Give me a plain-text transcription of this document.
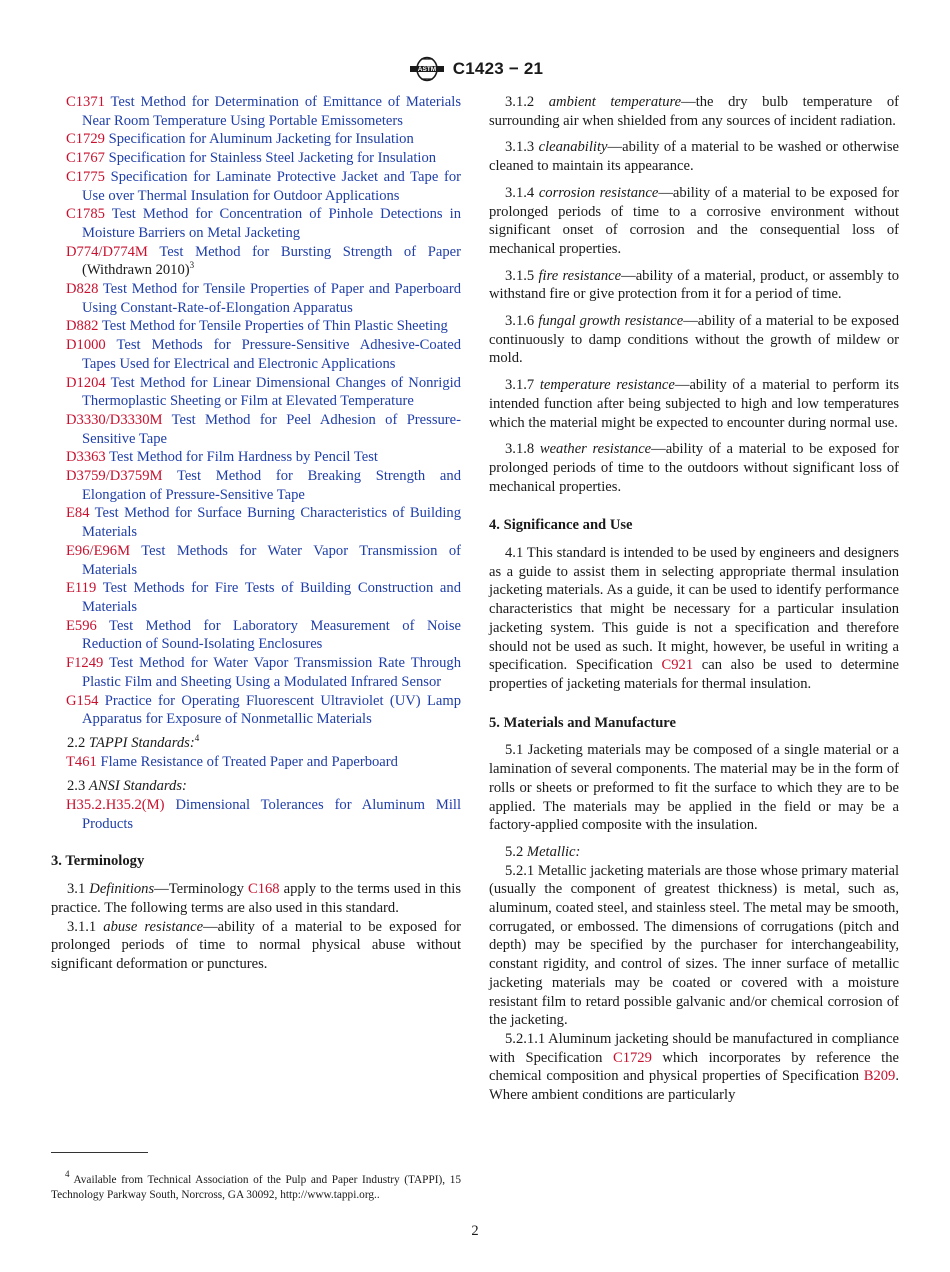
ASTM C1423 − 21

C1371 Test Method for Determination of Emittance of Materials Near Room Temperature Using Portable Emissometers

C1729 Specification for Aluminum Jacketing for Insulation

C1767 Specification for Stainless Steel Jacketing for Insulation

C1775 Specification for Laminate Protective Jacket and Tape for Use over Thermal Insulation for Outdoor Applications

C1785 Test Method for Concentration of Pinhole Detections in Moisture Barriers on Metal Jacketing

D774/D774M Test Method for Bursting Strength of Paper (Withdrawn 2010)$^3$

D828 Test Method for Tensile Properties of Paper and Paperboard Using Constant-Rate-of-Elongation Apparatus

D882 Test Method for Tensile Properties of Thin Plastic Sheeting

D1000 Test Methods for Pressure-Sensitive Adhesive-Coated Tapes Used for Electrical and Electronic Applications

D1204 Test Method for Linear Dimensional Changes of Nonrigid Thermoplastic Sheeting or Film at Elevated Temperature

D3330/D3330M Test Method for Peel Adhesion of Pressure-Sensitive Tape

D3363 Test Method for Film Hardness by Pencil Test

D3759/D3759M Test Method for Breaking Strength and Elongation of Pressure-Sensitive Tape

E84 Test Method for Surface Burning Characteristics of Building Materials

E96/E96M Test Methods for Water Vapor Transmission of Materials

E119 Test Methods for Fire Tests of Building Construction and Materials

E596 Test Method for Laboratory Measurement of Noise Reduction of Sound-Isolating Enclosures

F1249 Test Method for Water Vapor Transmission Rate Through Plastic Film and Sheeting Using a Modulated Infrared Sensor

G154 Practice for Operating Fluorescent Ultraviolet (UV) Lamp Apparatus for Exposure of Nonmetallic Materials

2.2 TAPPI Standards:$^4$

T461 Flame Resistance of Treated Paper and Paperboard

2.3 ANSI Standards:

H35.2.H35.2(M) Dimensional Tolerances for Aluminum Mill Products

3. Terminology

3.1 Definitions—Terminology C168 apply to the terms used in this practice. The following terms are also used in this standard.

3.1.1 abuse resistance—ability of a material to be exposed for prolonged periods of time to normal physical abuse without significant deformation or punctures.

$^4$ Available from Technical Association of the Pulp and Paper Industry (TAPPI), 15 Technology Parkway South, Norcross, GA 30092, http://www.tappi.org..

3.1.2 ambient temperature—the dry bulb temperature of surrounding air when shielded from any sources of incident radiation.

3.1.3 cleanability—ability of a material to be washed or otherwise cleaned to maintain its appearance.

3.1.4 corrosion resistance—ability of a material to be exposed for prolonged periods of time to a corrosive environment without significant onset of corrosion and the consequential loss of mechanical properties.

3.1.5 fire resistance—ability of a material, product, or assembly to withstand fire or give protection from it for a period of time.

3.1.6 fungal growth resistance—ability of a material to be exposed continuously to damp conditions without the growth of mildew or mold.

3.1.7 temperature resistance—ability of a material to perform its intended function after being subjected to high and low temperatures which the material might be expected to encounter during normal use.

3.1.8 weather resistance—ability of a material to be exposed for prolonged periods of time to the outdoors without significant loss of mechanical properties.

4. Significance and Use

4.1 This standard is intended to be used by engineers and designers as a guide to assist them in selecting appropriate thermal insulation jacketing materials. As a guide, it can be used to identify performance characteristics that might be necessary for a particular insulation jacketing system. This guide is not a specification and therefore should not be used as such. It might, however, be useful in writing a specification. Specification C921 can also be used to determine properties of jacketing materials for thermal insulation.

5. Materials and Manufacture

5.1 Jacketing materials may be composed of a single material or a lamination of several components. The material may be in the form of rolls or sheets or preformed to fit the surface to which they are to be applied. The materials may be applied in the field or may be a factory-applied composite with the insulation.

5.2 Metallic:

5.2.1 Metallic jacketing materials are those whose primary material (usually the component of greatest thickness) is metal, such as, aluminum, coated steel, and stainless steel. The metal may be smooth, corrugated, or embossed. The dimensions of corrugations (pitch and depth) may be specified by the purchaser for interchangeability, constant rigidity, and control of sizes. The inner surface of metallic jacketing materials may be coated or covered with a moisture resistant film to retard possible galvanic and/or chemical corrosion of the jacketing.

5.2.1.1 Aluminum jacketing should be manufactured in compliance with Specification C1729 which incorporates by reference the chemical composition and physical properties of Specification B209. Where ambient conditions are particularly

2
